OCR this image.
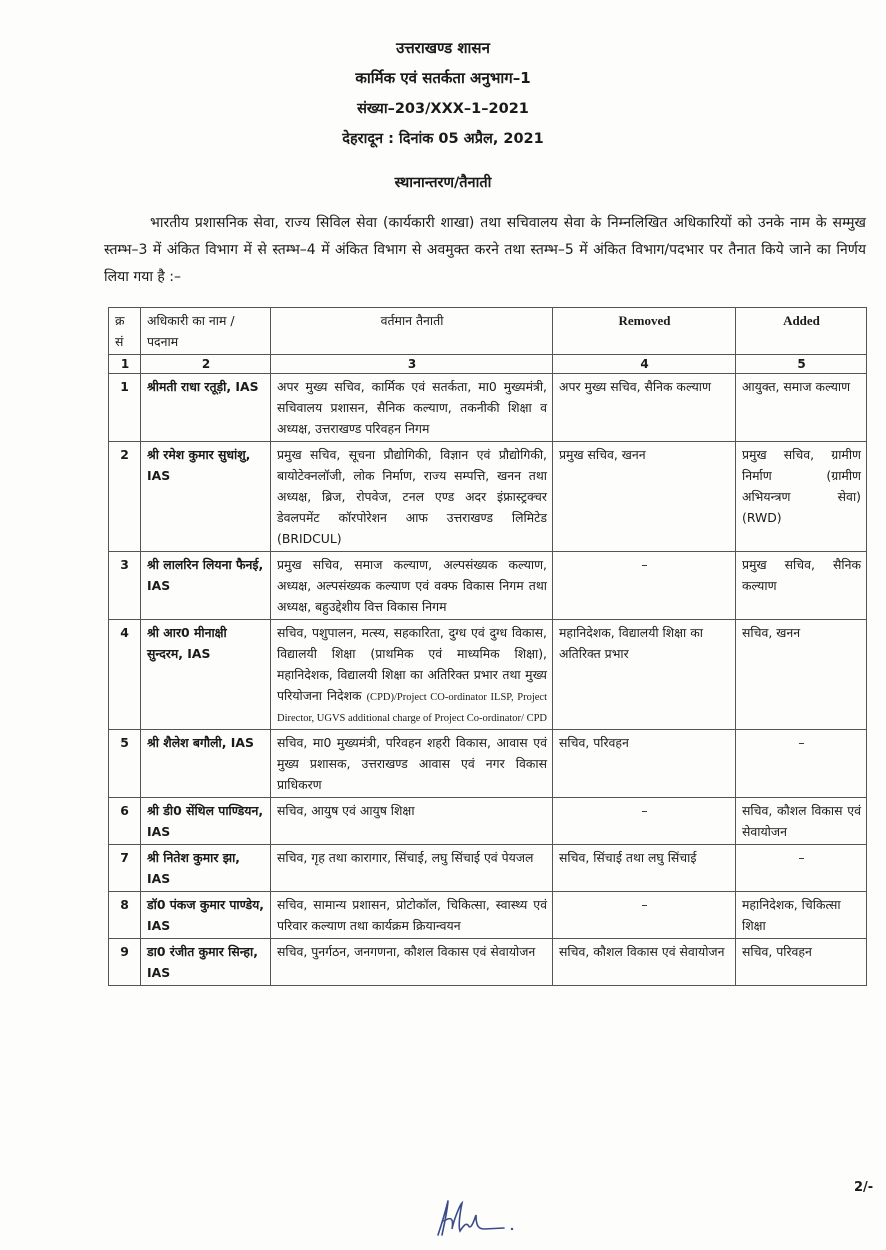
उत्तराखण्ड शासन
कार्मिक एवं सतर्कता अनुभाग–1
संख्या–203/XXX–1–2021
देहरादून : दिनांक 05 अप्रैल, 2021
स्थानान्तरण/तैनाती
भारतीय प्रशासनिक सेवा, राज्य सिविल सेवा (कार्यकारी शाखा) तथा सचिवालय सेवा के निम्नलिखित अधिकारियों को उनके नाम के सम्मुख स्तम्भ–3 में अंकित विभाग में से स्तम्भ–4 में अंकित विभाग से अवमुक्त करने तथा स्तम्भ–5 में अंकित विभाग/पदभार पर तैनात किये जाने का निर्णय लिया गया है :–
क्र सं	अधिकारी का नाम /पदनाम	वर्तमान तैनाती	Removed	Added
1	2	3	4	5
1	श्रीमती राधा रतूड़ी, IAS	अपर मुख्य सचिव, कार्मिक एवं सतर्कता, मा0 मुख्यमंत्री, सचिवालय प्रशासन, सैनिक कल्याण, तकनीकी शिक्षा व अध्यक्ष, उत्तराखण्ड परिवहन निगम	अपर मुख्य सचिव, सैनिक कल्याण	आयुक्त, समाज कल्याण
2	श्री रमेश कुमार सुधांशु, IAS	प्रमुख सचिव, सूचना प्रौद्योगिकी, विज्ञान एवं प्रौद्योगिकी, बायोटेक्नलॉजी, लोक निर्माण, राज्य सम्पत्ति, खनन तथा अध्यक्ष, ब्रिज, रोपवेज, टनल एण्ड अदर इंफ्रास्ट्रक्चर डेवलपमेंट कॉरपोरेशन आफ उत्तराखण्ड लिमिटेड (BRIDCUL)	प्रमुख सचिव, खनन	प्रमुख सचिव, ग्रामीण निर्माण (ग्रामीण अभियन्त्रण सेवा) (RWD)
3	श्री लालरिन लियना फैनई, IAS	प्रमुख सचिव, समाज कल्याण, अल्पसंख्यक कल्याण, अध्यक्ष, अल्पसंख्यक कल्याण एवं वक्फ विकास निगम तथा अध्यक्ष, बहुउद्देशीय वित्त विकास निगम	–	प्रमुख सचिव, सैनिक कल्याण
4	श्री आर0 मीनाक्षी सुन्दरम, IAS	सचिव, पशुपालन, मत्स्य, सहकारिता, दुग्ध एवं दुग्ध विकास, विद्यालयी शिक्षा (प्राथमिक एवं माध्यमिक शिक्षा), महानिदेशक, विद्यालयी शिक्षा का अतिरिक्त प्रभार तथा मुख्य परियोजना निदेशक (CPD)/Project CO-ordinator ILSP, Project Director, UGVS additional charge of Project Co-ordinator/ CPD	महानिदेशक, विद्यालयी शिक्षा का अतिरिक्त प्रभार	सचिव, खनन
5	श्री शैलेश बगौली, IAS	सचिव, मा0 मुख्यमंत्री, परिवहन शहरी विकास, आवास एवं मुख्य प्रशासक, उत्तराखण्ड आवास एवं नगर विकास प्राधिकरण	सचिव, परिवहन	–
6	श्री डी0 सेंथिल पाण्डियन, IAS	सचिव, आयुष एवं आयुष शिक्षा	–	सचिव, कौशल विकास एवं सेवायोजन
7	श्री नितेश कुमार झा, IAS	सचिव, गृह तथा कारागार, सिंचाई, लघु सिंचाई एवं पेयजल	सचिव, सिंचाई तथा लघु सिंचाई	–
8	डॉ0 पंकज कुमार पाण्डेय, IAS	सचिव, सामान्य प्रशासन, प्रोटोकॉल, चिकित्सा, स्वास्थ्य एवं परिवार कल्याण तथा कार्यक्रम क्रियान्वयन	–	महानिदेशक, चिकित्सा शिक्षा
9	डा0 रंजीत कुमार सिन्हा, IAS	सचिव, पुनर्गठन, जनगणना, कौशल विकास एवं सेवायोजन	सचिव, कौशल विकास एवं सेवायोजन	सचिव, परिवहन
2/-
